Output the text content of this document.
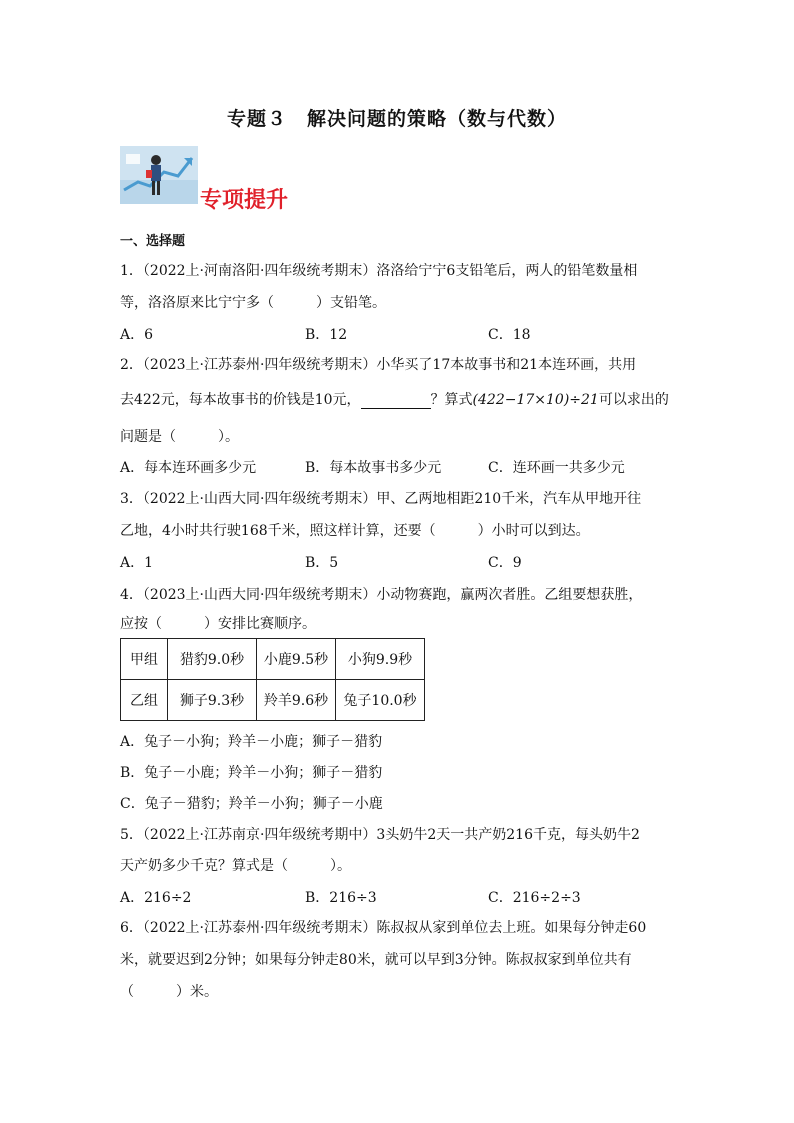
专题３　解决问题的策略（数与代数）
专项提升
一、选择题
1．（2022上·河南洛阳·四年级统考期末）洛洛给宁宁6支铅笔后，两人的铅笔数量相
等，洛洛原来比宁宁多（　　　）支铅笔。
A．6	B．12	C．18
2．（2023上·江苏泰州·四年级统考期末）小华买了17本故事书和21本连环画，共用
去422元，每本故事书的价钱是10元，	？算式(422−17×10)÷21可以求出的
问题是（　　　）。
A．每本连环画多少元	B．每本故事书多少元	C．连环画一共多少元
3．（2022上·山西大同·四年级统考期末）甲、乙两地相距210千米，汽车从甲地开往
乙地，4小时共行驶168千米，照这样计算，还要（　　　）小时可以到达。
A．1	B．5	C．9
4．（2023上·山西大同·四年级统考期末）小动物赛跑，赢两次者胜。乙组要想获胜，
应按（　　　）安排比赛顺序。
甲组	猎豹9.0秒	小鹿9.5秒	小狗9.9秒
乙组	狮子9.3秒	羚羊9.6秒	兔子10.0秒
A．兔子－小狗；羚羊－小鹿；狮子－猎豹
B．兔子－小鹿；羚羊－小狗；狮子－猎豹
C．兔子－猎豹；羚羊－小狗；狮子－小鹿
5．（2022上·江苏南京·四年级统考期中）3头奶牛2天一共产奶216千克，每头奶牛2
天产奶多少千克？算式是（　　　）。
A．216÷2	B．216÷3	C．216÷2÷3
6．（2022上·江苏泰州·四年级统考期末）陈叔叔从家到单位去上班。如果每分钟走60
米，就要迟到2分钟；如果每分钟走80米，就可以早到3分钟。陈叔叔家到单位共有
（　　　）米。
